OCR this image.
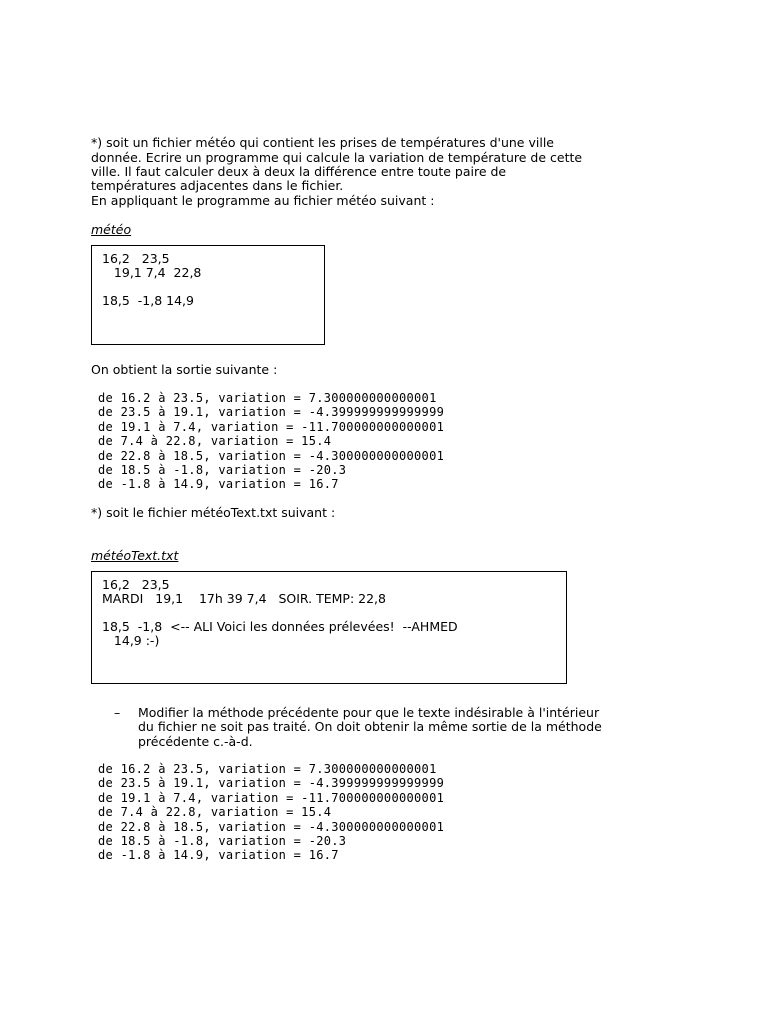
*) soit un fichier météo qui contient les prises de températures d'une ville
donnée. Ecrire un programme qui calcule la variation de température de cette
ville. Il faut calculer deux à deux la différence entre toute paire de
températures adjacentes dans le fichier.
En appliquant le programme au fichier météo suivant :
météo
16,2   23,5
19,1 7,4  22,8
18,5  -1,8 14,9
On obtient la sortie suivante :
de 16.2 à 23.5, variation = 7.300000000000001
de 23.5 à 19.1, variation = -4.399999999999999
de 19.1 à 7.4, variation = -11.700000000000001
de 7.4 à 22.8, variation = 15.4
de 22.8 à 18.5, variation = -4.300000000000001
de 18.5 à -1.8, variation = -20.3
de -1.8 à 14.9, variation = 16.7
*) soit le fichier météoText.txt suivant :
météoText.txt
16,2   23,5
MARDI   19,1    17h 39 7,4   SOIR. TEMP: 22,8
18,5  -1,8  <-- ALI Voici les données prélevées!  --AHMED
14,9 :-)
– Modifier la méthode précédente pour que le texte indésirable à l'intérieur
du fichier ne soit pas traité. On doit obtenir la même sortie de la méthode
précédente c.-à-d.
de 16.2 à 23.5, variation = 7.300000000000001
de 23.5 à 19.1, variation = -4.399999999999999
de 19.1 à 7.4, variation = -11.700000000000001
de 7.4 à 22.8, variation = 15.4
de 22.8 à 18.5, variation = -4.300000000000001
de 18.5 à -1.8, variation = -20.3
de -1.8 à 14.9, variation = 16.7
